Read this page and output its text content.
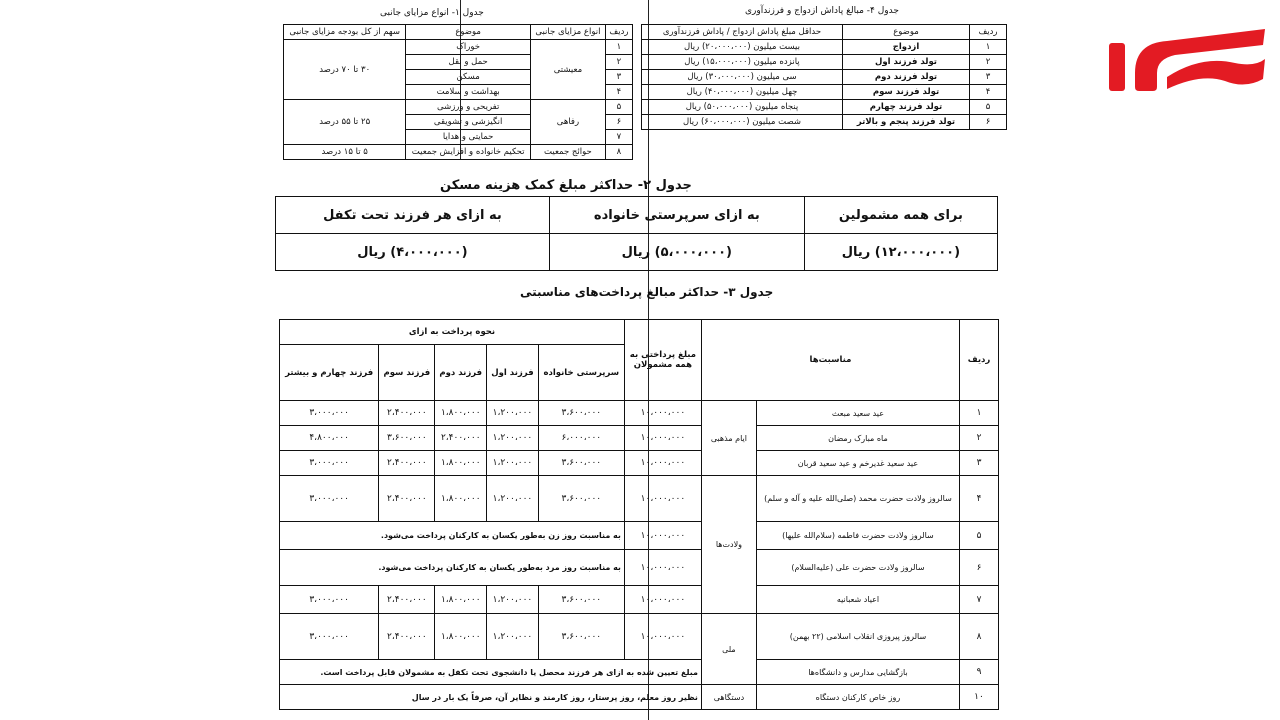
جدول ۱- انواع مزایای جانبی
ردیف	انواع مزایای جانبی	موضوع	سهم از کل بودجه مزایای جانبی
۱	معیشتی	خوراک	۳۰ تا ۷۰ درصد
۲		حمل و نقل	
۳		مسکن	
۴		بهداشت و سلامت	
۵	رفاهی	تفریحی و ورزشی	۲۵ تا ۵۵ درصد
۶		انگیزشی و تشویقی	
۷		حمایتی و هدایا	
۸	حوائج جمعیت	تحکیم خانواده و افزایش جمعیت	۵ تا ۱۵ درصد
جدول ۴- مبالغ پاداش ازدواج و فرزندآوری
ردیف	موضوع	حداقل مبلغ پاداش ازدواج / پاداش فرزندآوری
۱	ازدواج	بیست میلیون (۲۰،۰۰۰،۰۰۰) ریال
۲	تولد فرزند اول	پانزده میلیون (۱۵،۰۰۰،۰۰۰) ریال
۳	تولد فرزند دوم	سی میلیون (۳۰،۰۰۰،۰۰۰) ریال
۴	تولد فرزند سوم	چهل میلیون (۴۰،۰۰۰،۰۰۰) ریال
۵	تولد فرزند چهارم	پنجاه میلیون (۵۰،۰۰۰،۰۰۰) ریال
۶	تولد فرزند پنجم و بالاتر	شصت میلیون (۶۰،۰۰۰،۰۰۰) ریال
جدول ۲- حداکثر مبلغ کمک هزینه مسکن
برای همه مشمولین	به ازای سرپرستی خانواده	به ازای هر فرزند تحت تکفل
(۱۲،۰۰۰،۰۰۰) ریال	(۵،۰۰۰،۰۰۰) ریال	(۴،۰۰۰،۰۰۰) ریال
جدول ۳- حداکثر مبالغ پرداخت‌های مناسبتی
ردیف	مناسبت‌ها		مبلغ پرداختی به همه مشمولان	نحوه پرداخت به ازای				
				سرپرستی خانواده	فرزند اول	فرزند دوم	فرزند سوم	فرزند چهارم و بیشتر
۱	عید سعید مبعث	ایام مذهبی	۱۰،۰۰۰،۰۰۰	۳،۶۰۰،۰۰۰	۱،۲۰۰،۰۰۰	۱،۸۰۰،۰۰۰	۲،۴۰۰،۰۰۰	۳،۰۰۰،۰۰۰
۲	ماه مبارک رمضان		۱۰،۰۰۰،۰۰۰	۶،۰۰۰،۰۰۰	۱،۲۰۰،۰۰۰	۲،۴۰۰،۰۰۰	۳،۶۰۰،۰۰۰	۴،۸۰۰،۰۰۰
۳	عید سعید غدیرخم و عید سعید قربان		۱۰،۰۰۰،۰۰۰	۳،۶۰۰،۰۰۰	۱،۲۰۰،۰۰۰	۱،۸۰۰،۰۰۰	۲،۴۰۰،۰۰۰	۳،۰۰۰،۰۰۰
۴	سالروز ولادت حضرت محمد (صلی‌الله علیه و آله و سلم)	ولادت‌ها	۱۰،۰۰۰،۰۰۰	۳،۶۰۰،۰۰۰	۱،۲۰۰،۰۰۰	۱،۸۰۰،۰۰۰	۲،۴۰۰،۰۰۰	۳،۰۰۰،۰۰۰
۵	سالروز ولادت حضرت فاطمه (سلام‌الله علیها)		۱۰،۰۰۰،۰۰۰	به مناسبت روز زن به‌طور یکسان به کارکنان پرداخت می‌شود.				
۶	سالروز ولادت حضرت علی (علیه‌السلام)		۱۰،۰۰۰،۰۰۰	به مناسبت روز مرد به‌طور یکسان به کارکنان پرداخت می‌شود.				
۷	اعیاد شعبانیه		۱۰،۰۰۰،۰۰۰	۳،۶۰۰،۰۰۰	۱،۲۰۰،۰۰۰	۱،۸۰۰،۰۰۰	۲،۴۰۰،۰۰۰	۳،۰۰۰،۰۰۰
۸	سالروز پیروزی انقلاب اسلامی (۲۲ بهمن)	ملی	۱۰،۰۰۰،۰۰۰	۳،۶۰۰،۰۰۰	۱،۲۰۰،۰۰۰	۱،۸۰۰،۰۰۰	۲،۴۰۰،۰۰۰	۳،۰۰۰،۰۰۰
۹	بازگشایی مدارس و دانشگاه‌ها		مبلغ تعیین شده به ازای هر فرزند محصل یا دانشجوی تحت تکفل به مشمولان قابل پرداخت است.					
۱۰	روز خاص کارکنان دستگاه	دستگاهی	نظیر روز معلم، روز پرستار، روز کارمند و نظایر آن، صرفاً یک بار در سال					
